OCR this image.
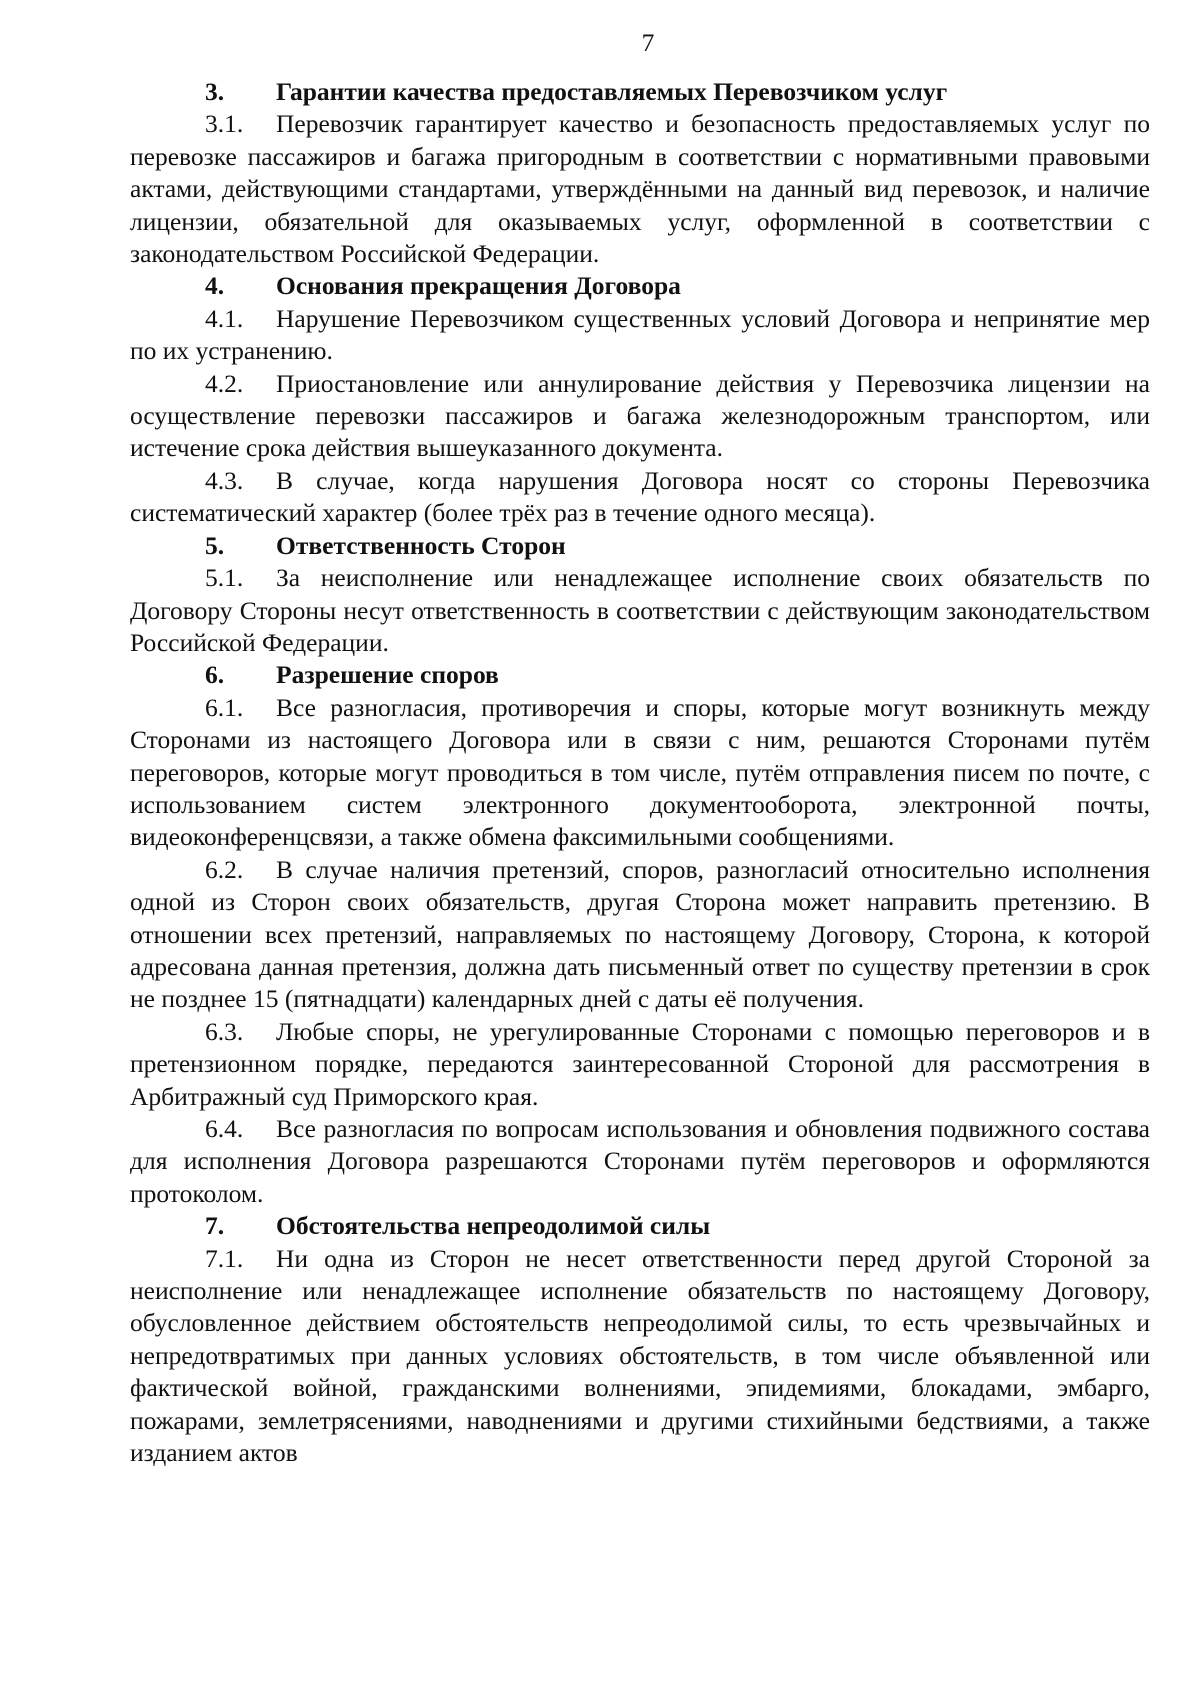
7

3. Гарантии качества предоставляемых Перевозчиком услуг

3.1. Перевозчик гарантирует качество и безопасность предоставляемых услуг по перевозке пассажиров и багажа пригородным в соответствии с нормативными правовыми актами, действующими стандартами, утверждёнными на данный вид перевозок, и наличие лицензии, обязательной для оказываемых услуг, оформленной в соответствии с законодательством Российской Федерации.

4. Основания прекращения Договора

4.1. Нарушение Перевозчиком существенных условий Договора и непринятие мер по их устранению.

4.2. Приостановление или аннулирование действия у Перевозчика лицензии на осуществление перевозки пассажиров и багажа железнодорожным транспортом, или истечение срока действия вышеуказанного документа.

4.3. В случае, когда нарушения Договора носят со стороны Перевозчика систематический характер (более трёх раз в течение одного месяца).

5. Ответственность Сторон

5.1. За неисполнение или ненадлежащее исполнение своих обязательств по Договору Стороны несут ответственность в соответствии с действующим законодательством Российской Федерации.

6. Разрешение споров

6.1. Все разногласия, противоречия и споры, которые могут возникнуть между Сторонами из настоящего Договора или в связи с ним, решаются Сторонами путём переговоров, которые могут проводиться в том числе, путём отправления писем по почте, с использованием систем электронного документооборота, электронной почты, видеоконференцсвязи, а также обмена факсимильными сообщениями.

6.2. В случае наличия претензий, споров, разногласий относительно исполнения одной из Сторон своих обязательств, другая Сторона может направить претензию. В отношении всех претензий, направляемых по настоящему Договору, Сторона, к которой адресована данная претензия, должна дать письменный ответ по существу претензии в срок не позднее 15 (пятнадцати) календарных дней с даты её получения.

6.3. Любые споры, не урегулированные Сторонами с помощью переговоров и в претензионном порядке, передаются заинтересованной Стороной для рассмотрения в Арбитражный суд Приморского края.

6.4. Все разногласия по вопросам использования и обновления подвижного состава для исполнения Договора разрешаются Сторонами путём переговоров и оформляются протоколом.

7. Обстоятельства непреодолимой силы

7.1. Ни одна из Сторон не несет ответственности перед другой Стороной за неисполнение или ненадлежащее исполнение обязательств по настоящему Договору, обусловленное действием обстоятельств непреодолимой силы, то есть чрезвычайных и непредотвратимых при данных условиях обстоятельств, в том числе объявленной или фактической войной, гражданскими волнениями, эпидемиями, блокадами, эмбарго, пожарами, землетрясениями, наводнениями и другими стихийными бедствиями, а также изданием актов
